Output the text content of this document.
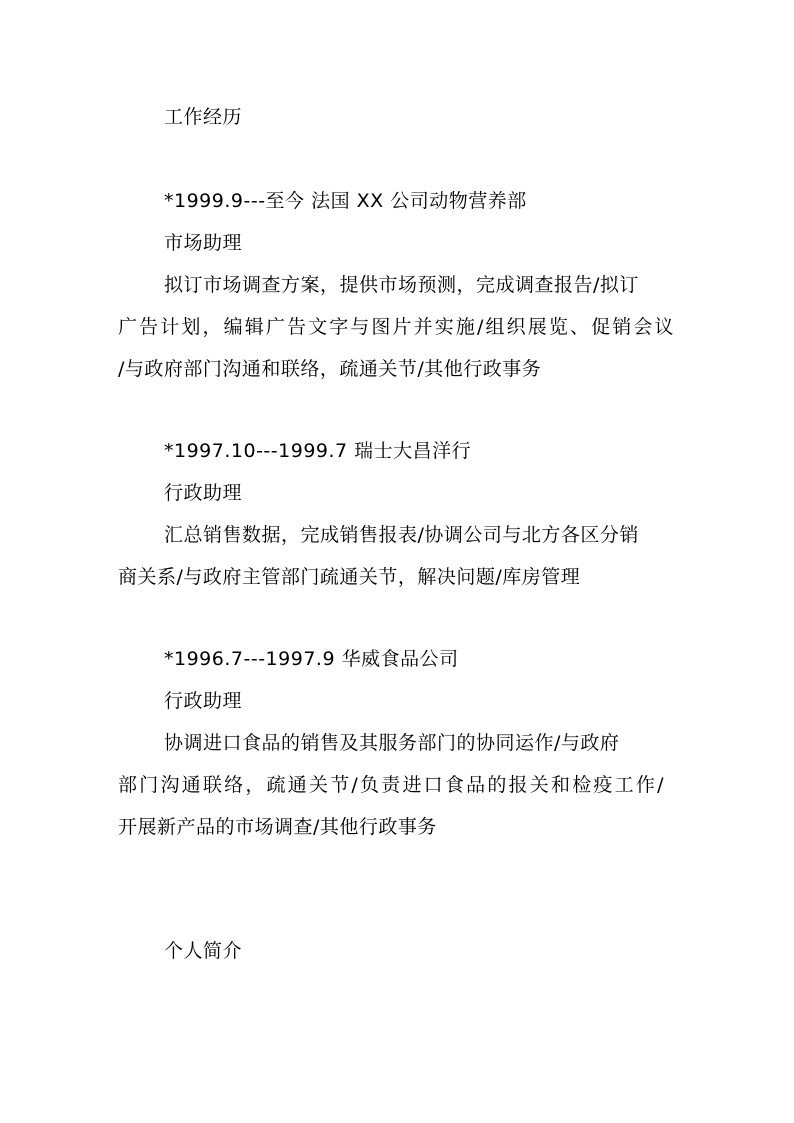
工作经历
*1999.9---至今 法国 XX 公司动物营养部
市场助理
拟订市场调查方案，提供市场预测，完成调查报告/拟订
广告计划，编辑广告文字与图片并实施/组织展览、促销会议
/与政府部门沟通和联络，疏通关节/其他行政事务
*1997.10---1999.7 瑞士大昌洋行
行政助理
汇总销售数据，完成销售报表/协调公司与北方各区分销
商关系/与政府主管部门疏通关节，解决问题/库房管理
*1996.7---1997.9 华威食品公司
行政助理
协调进口食品的销售及其服务部门的协同运作/与政府
部门沟通联络，疏通关节/负责进口食品的报关和检疫工作/
开展新产品的市场调查/其他行政事务
个人简介
